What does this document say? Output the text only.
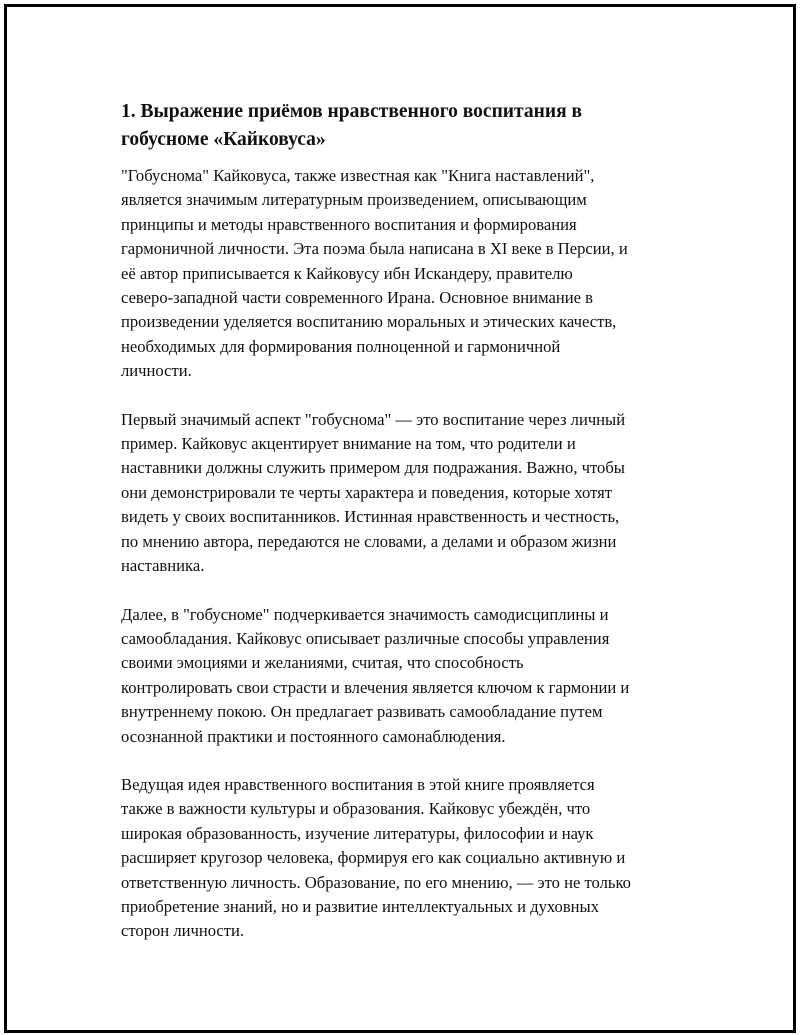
1. Выражение приёмов нравственного воспитания в
гобусноме «Кайковуса»

"Гобуснома" Кайковуса, также известная как "Книга наставлений",
является значимым литературным произведением, описывающим
принципы и методы нравственного воспитания и формирования
гармоничной личности. Эта поэма была написана в XI веке в Персии, и
её автор приписывается к Кайковусу ибн Искандеру, правителю
северо-западной части современного Ирана. Основное внимание в
произведении уделяется воспитанию моральных и этических качеств,
необходимых для формирования полноценной и гармоничной
личности.

Первый значимый аспект "гобуснома" — это воспитание через личный
пример. Кайковус акцентирует внимание на том, что родители и
наставники должны служить примером для подражания. Важно, чтобы
они демонстрировали те черты характера и поведения, которые хотят
видеть у своих воспитанников. Истинная нравственность и честность,
по мнению автора, передаются не словами, а делами и образом жизни
наставника.

Далее, в "гобусноме" подчеркивается значимость самодисциплины и
самообладания. Кайковус описывает различные способы управления
своими эмоциями и желаниями, считая, что способность
контролировать свои страсти и влечения является ключом к гармонии и
внутреннему покою. Он предлагает развивать самообладание путем
осознанной практики и постоянного самонаблюдения.

Ведущая идея нравственного воспитания в этой книге проявляется
также в важности культуры и образования. Кайковус убеждён, что
широкая образованность, изучение литературы, философии и наук
расширяет кругозор человека, формируя его как социально активную и
ответственную личность. Образование, по его мнению, — это не только
приобретение знаний, но и развитие интеллектуальных и духовных
сторон личности.
